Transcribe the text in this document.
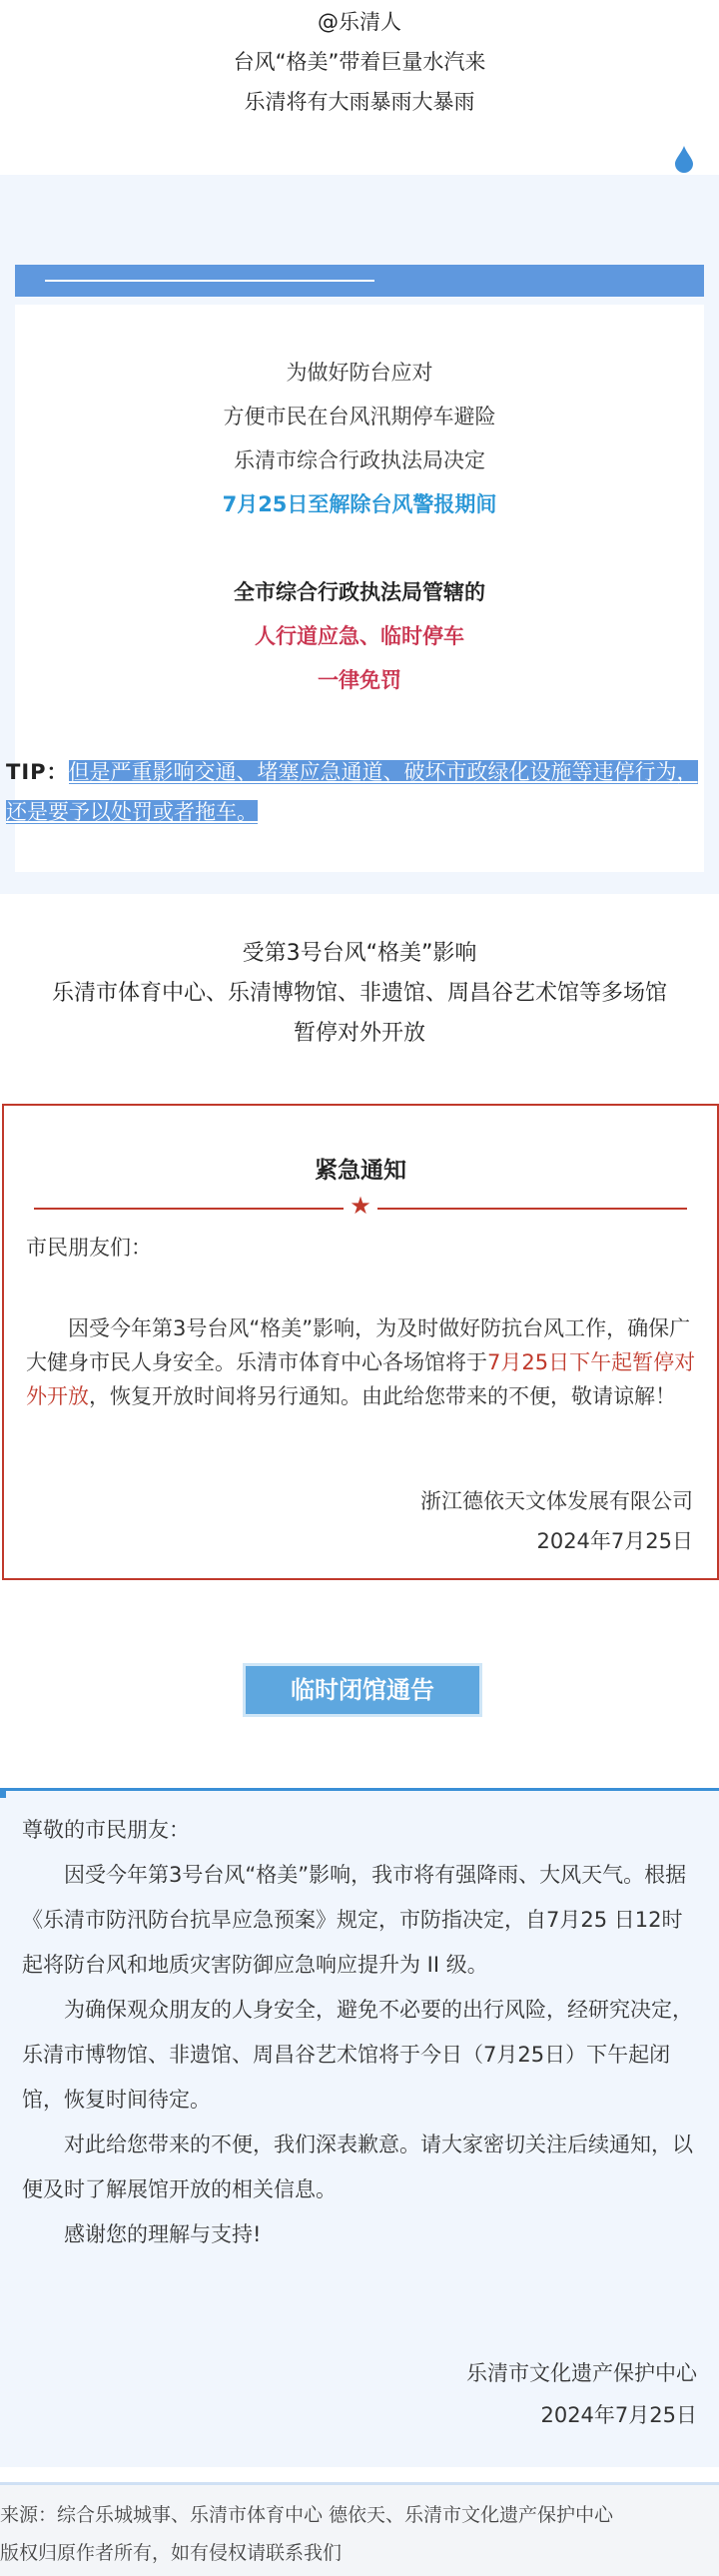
@乐清人
台风“格美”带着巨量水汽来
乐清将有大雨暴雨大暴雨
为做好防台应对
方便市民在台风汛期停车避险
乐清市综合行政执法局决定
7月25日至解除台风警报期间
全市综合行政执法局管辖的
人行道应急、临时停车
一律免罚
TIP：但是严重影响交通、堵塞应急通道、破坏市政绿化设施等违停行为，还是要予以处罚或者拖车。
受第3号台风“格美”影响
乐清市体育中心、乐清博物馆、非遗馆、周昌谷艺术馆等多场馆
暂停对外开放
紧急通知
★
市民朋友们：
因受今年第3号台风“格美”影响，为及时做好防抗台风工作，确保广大健身市民人身安全。乐清市体育中心各场馆将于7月25日下午起暂停对外开放，恢复开放时间将另行通知。由此给您带来的不便，敬请谅解！
浙江德依天文体发展有限公司
2024年7月25日
临时闭馆通告

尊敬的市民朋友：

因受今年第3号台风“格美”影响，我市将有强降雨、大风天气。根据《乐清市防汛防台抗旱应急预案》规定，市防指决定，自7月25 日12时起将防台风和地质灾害防御应急响应提升为 II 级。

为确保观众朋友的人身安全，避免不必要的出行风险，经研究决定，乐清市博物馆、非遗馆、周昌谷艺术馆将于今日（7月25日）下午起闭馆，恢复时间待定。

对此给您带来的不便，我们深表歉意。请大家密切关注后续通知，以便及时了解展馆开放的相关信息。

感谢您的理解与支持!

乐清市文化遗产保护中心
2024年7月25日
来源：综合乐城城事、乐清市体育中心 德依天、乐清市文化遗产保护中心
版权归原作者所有，如有侵权请联系我们
